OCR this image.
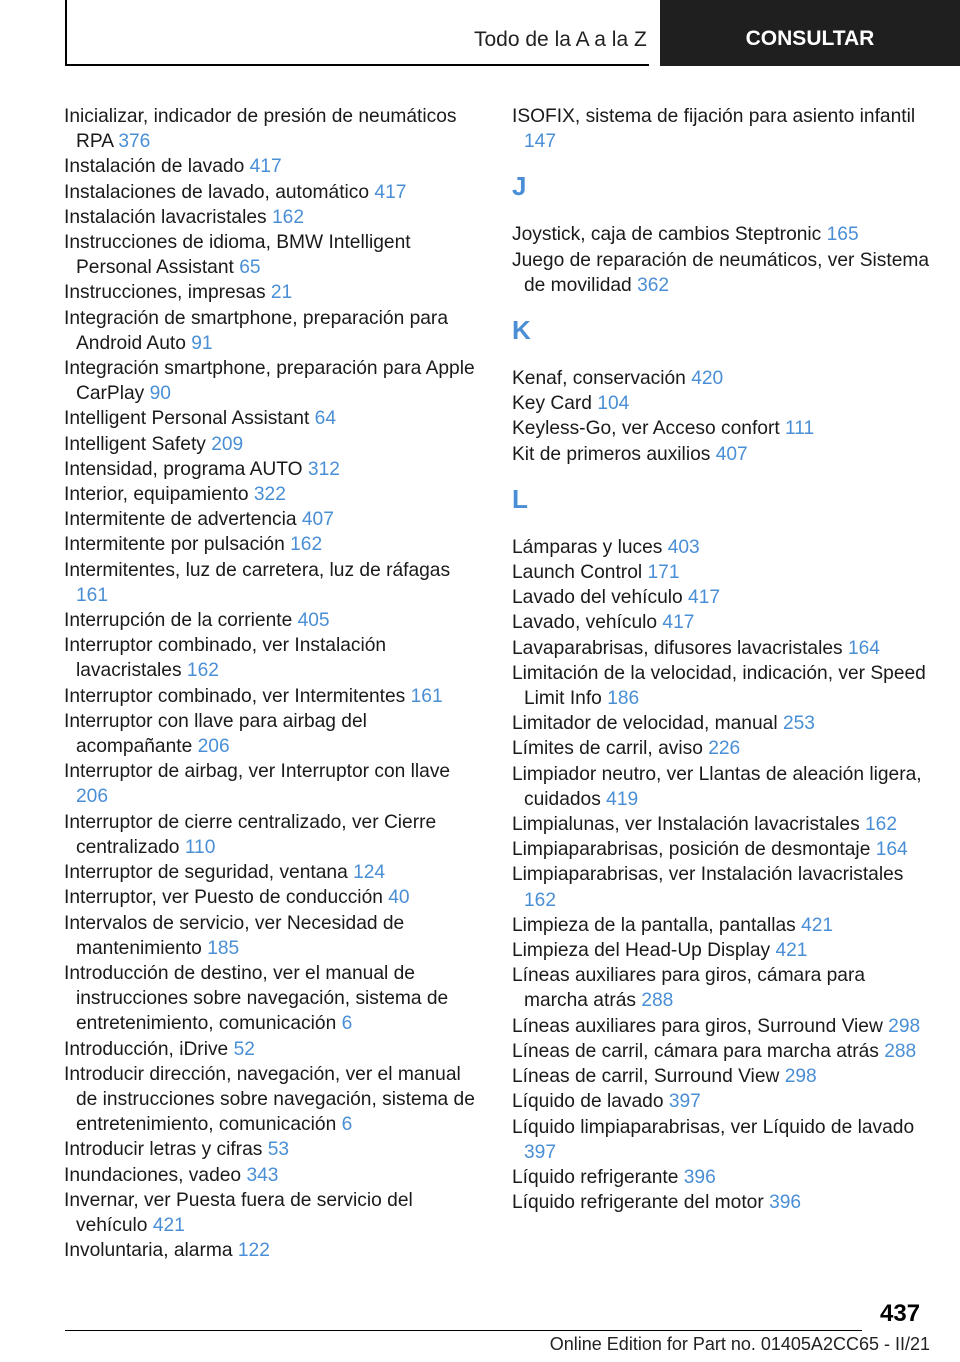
Todo de la A a la Z	CONSULTAR
Inicializar, indicador de presión de neumáticos RPA 376
Instalación de lavado 417
Instalaciones de lavado, automático 417
Instalación lavacristales 162
Instrucciones de idioma, BMW Intelligent Personal Assistant 65
Instrucciones, impresas 21
Integración de smartphone, preparación para Android Auto 91
Integración smartphone, preparación para Apple CarPlay 90
Intelligent Personal Assistant 64
Intelligent Safety 209
Intensidad, programa AUTO 312
Interior, equipamiento 322
Intermitente de advertencia 407
Intermitente por pulsación 162
Intermitentes, luz de carretera, luz de ráfagas 161
Interrupción de la corriente 405
Interruptor combinado, ver Instalación lavacristales 162
Interruptor combinado, ver Intermitentes 161
Interruptor con llave para airbag del acompañante 206
Interruptor de airbag, ver Interruptor con llave 206
Interruptor de cierre centralizado, ver Cierre centralizado 110
Interruptor de seguridad, ventana 124
Interruptor, ver Puesto de conducción 40
Intervalos de servicio, ver Necesidad de mantenimiento 185
Introducción de destino, ver el manual de instrucciones sobre navegación, sistema de entretenimiento, comunicación 6
Introducción, iDrive 52
Introducir dirección, navegación, ver el manual de instrucciones sobre navegación, sistema de entretenimiento, comunicación 6
Introducir letras y cifras 53
Inundaciones, vadeo 343
Invernar, ver Puesta fuera de servicio del vehículo 421
Involuntaria, alarma 122
ISOFIX, sistema de fijación para asiento infantil 147
J
Joystick, caja de cambios Steptronic 165
Juego de reparación de neumáticos, ver Sistema de movilidad 362
K
Kenaf, conservación 420
Key Card 104
Keyless-Go, ver Acceso confort 111
Kit de primeros auxilios 407
L
Lámparas y luces 403
Launch Control 171
Lavado del vehículo 417
Lavado, vehículo 417
Lavaparabrisas, difusores lavacristales 164
Limitación de la velocidad, indicación, ver Speed Limit Info 186
Limitador de velocidad, manual 253
Límites de carril, aviso 226
Limpiador neutro, ver Llantas de aleación ligera, cuidados 419
Limpialunas, ver Instalación lavacristales 162
Limpiaparabrisas, posición de desmontaje 164
Limpiaparabrisas, ver Instalación lavacristales 162
Limpieza de la pantalla, pantallas 421
Limpieza del Head-Up Display 421
Líneas auxiliares para giros, cámara para marcha atrás 288
Líneas auxiliares para giros, Surround View 298
Líneas de carril, cámara para marcha atrás 288
Líneas de carril, Surround View 298
Líquido de lavado 397
Líquido limpiaparabrisas, ver Líquido de lavado 397
Líquido refrigerante 396
Líquido refrigerante del motor 396
437
Online Edition for Part no. 01405A2CC65 - II/21
